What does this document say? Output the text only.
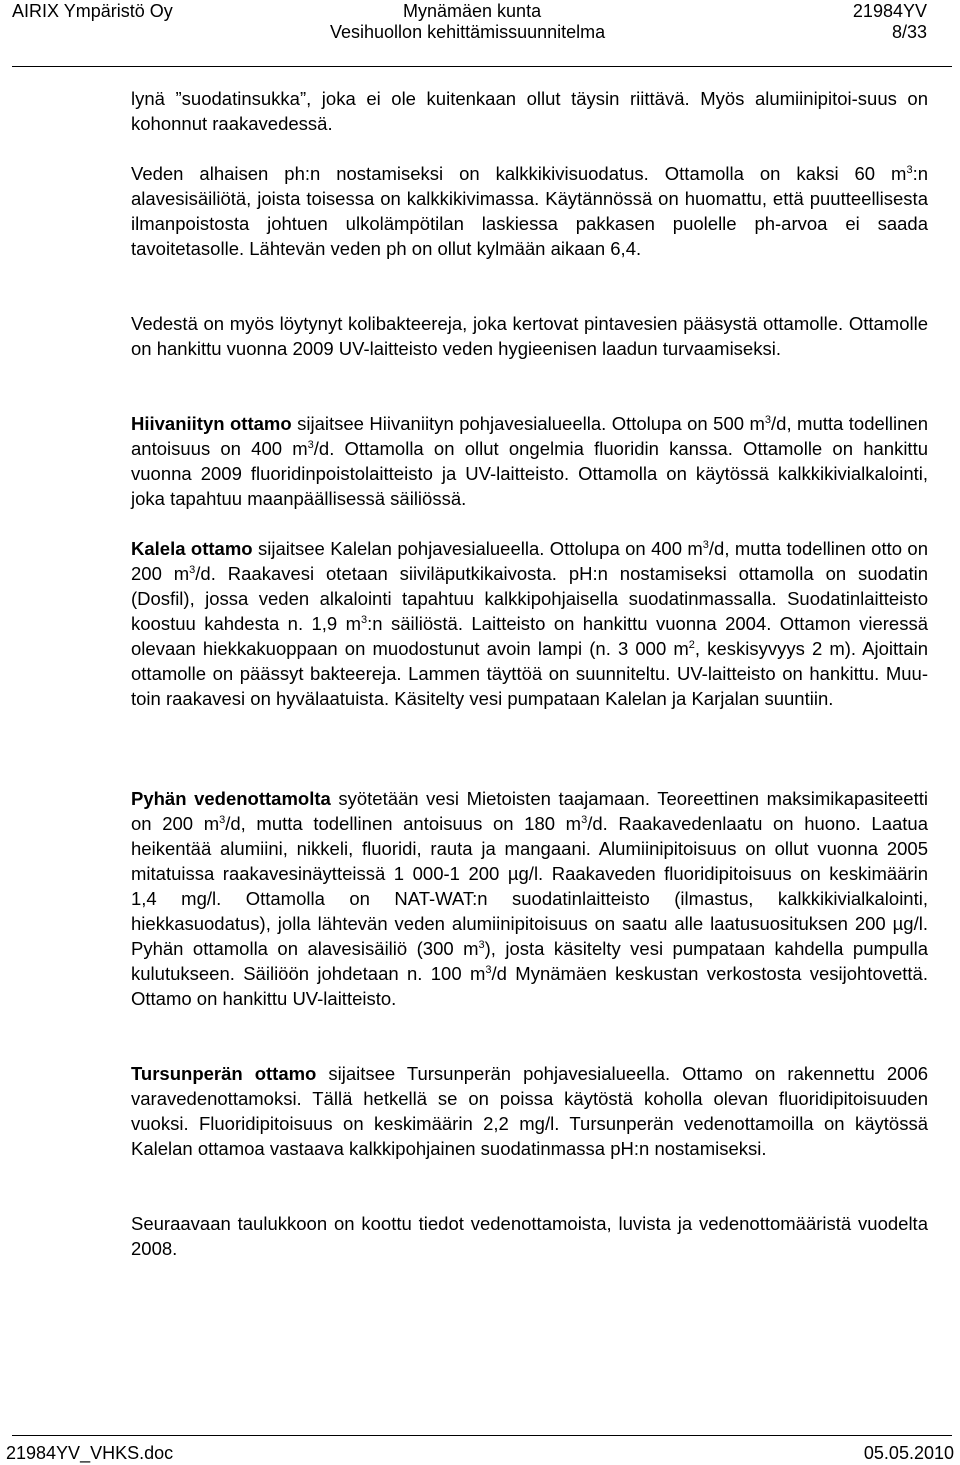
AIRIX Ympäristö Oy	Mynämäen kunta
Vesihuollon kehittämissuunnitelma
21984YV
8/33

lynä ”suodatinsukka”, joka ei ole kuitenkaan ollut täysin riittävä. Myös alumiinipitoi-suus on kohonnut raakavedessä.

Veden alhaisen ph:n nostamiseksi on kalkkikivisuodatus. Ottamolla on kaksi 60 $m^3:n$ alavesisäiliötä, joista toisessa on kalkkikivimassa. Käytännössä on huomattu, että puutteellisesta ilmanpoistosta johtuen ulkolämpötilan laskiessa pakkasen puolelle ph-arvoa ei saada tavoitetasolle. Lähtevän veden ph on ollut kylmään aikaan 6,4.

Vedestä on myös löytynyt kolibakteereja, joka kertovat pintavesien pääsystä ottamolle. Ottamolle on hankittu vuonna 2009 UV-laitteisto veden hygieenisen laadun turvaamiseksi.

Hiivaniityn ottamo sijaitsee Hiivaniityn pohjavesialueella. Ottolupa on 500 $m^3/d$, mutta todellinen antoisuus on 400 $m^3/d$. Ottamolla on ollut ongelmia fluoridin kanssa. Ottamolle on hankittu vuonna 2009 fluoridinpoistolaitteisto ja UV-laitteisto. Ottamolla on käytössä kalkkikivialkalointi, joka tapahtuu maanpäällisessä säiliössä.

Kalela ottamo sijaitsee Kalelan pohjavesialueella. Ottolupa on 400 $m^3/d$, mutta todellinen otto on 200 $m^3/d$. Raakavesi otetaan siiviläputkikaivosta. pH:n nostamiseksi ottamolla on suodatin (Dosfil), jossa veden alkalointi tapahtuu kalkkipohjaisella suodatinmassalla. Suodatinlaitteisto koostuu kahdesta n. 1,9 $m^3:n$ säiliöstä. Laitteisto on hankittu vuonna 2004. Ottamon vieressä olevaan hiekkakuoppaan on muodostunut avoin lampi (n. 3 000 $m^2$, keskisyvyys 2 m). Ajoittain ottamolle on päässyt bakteereja. Lammen täyttöä on suunniteltu. UV-laitteisto on hankittu. Muutoin raakavesi on hyvälaatuista. Käsitelty vesi pumpataan Kalelan ja Karjalan suuntiin.

Pyhän vedenottamolta syötetään vesi Mietoisten taajamaan. Teoreettinen maksimikapasiteetti on 200 $m^3/d$, mutta todellinen antoisuus on 180 $m^3/d$. Raakavedenlaatu on huono. Laatua heikentää alumiini, nikkeli, fluoridi, rauta ja mangaani. Alumiinipitoisuus on ollut vuonna 2005 mitatuissa raakavesinäytteissä 1 000-1 200 µg/l. Raakaveden fluoridipitoisuus on keskimäärin 1,4 mg/l. Ottamolla on NAT-WAT:n suodatinlaitteisto (ilmastus, kalkkikivialkalointi, hiekkasuodatus), jolla lähtevän veden alumiinipitoisuus on saatu alle laatusuosituksen 200 µg/l. Pyhän ottamolla on alavesisäiliö (300 $m^3$), josta käsitelty vesi pumpataan kahdella pumpulla kulutukseen. Säiliöön johdetaan n. 100 $m^3/d$ Mynämäen keskustan verkostosta vesijohtovettä. Ottamo on hankittu UV-laitteisto.

Tursunperän ottamo sijaitsee Tursunperän pohjavesialueella. Ottamo on rakennettu 2006 varavedenottamoksi. Tällä hetkellä se on poissa käytöstä koholla olevan fluoridipitoisuuden vuoksi. Fluoridipitoisuus on keskimäärin 2,2 mg/l. Tursunperän vedenottamoilla on käytössä Kalelan ottamoa vastaava kalkkipohjainen suodatinmassa pH:n nostamiseksi.

Seuraavaan taulukkoon on koottu tiedot vedenottamoista, luvista ja vedenottomääristä vuodelta 2008.

21984YV_VHKS.doc	05.05.2010
